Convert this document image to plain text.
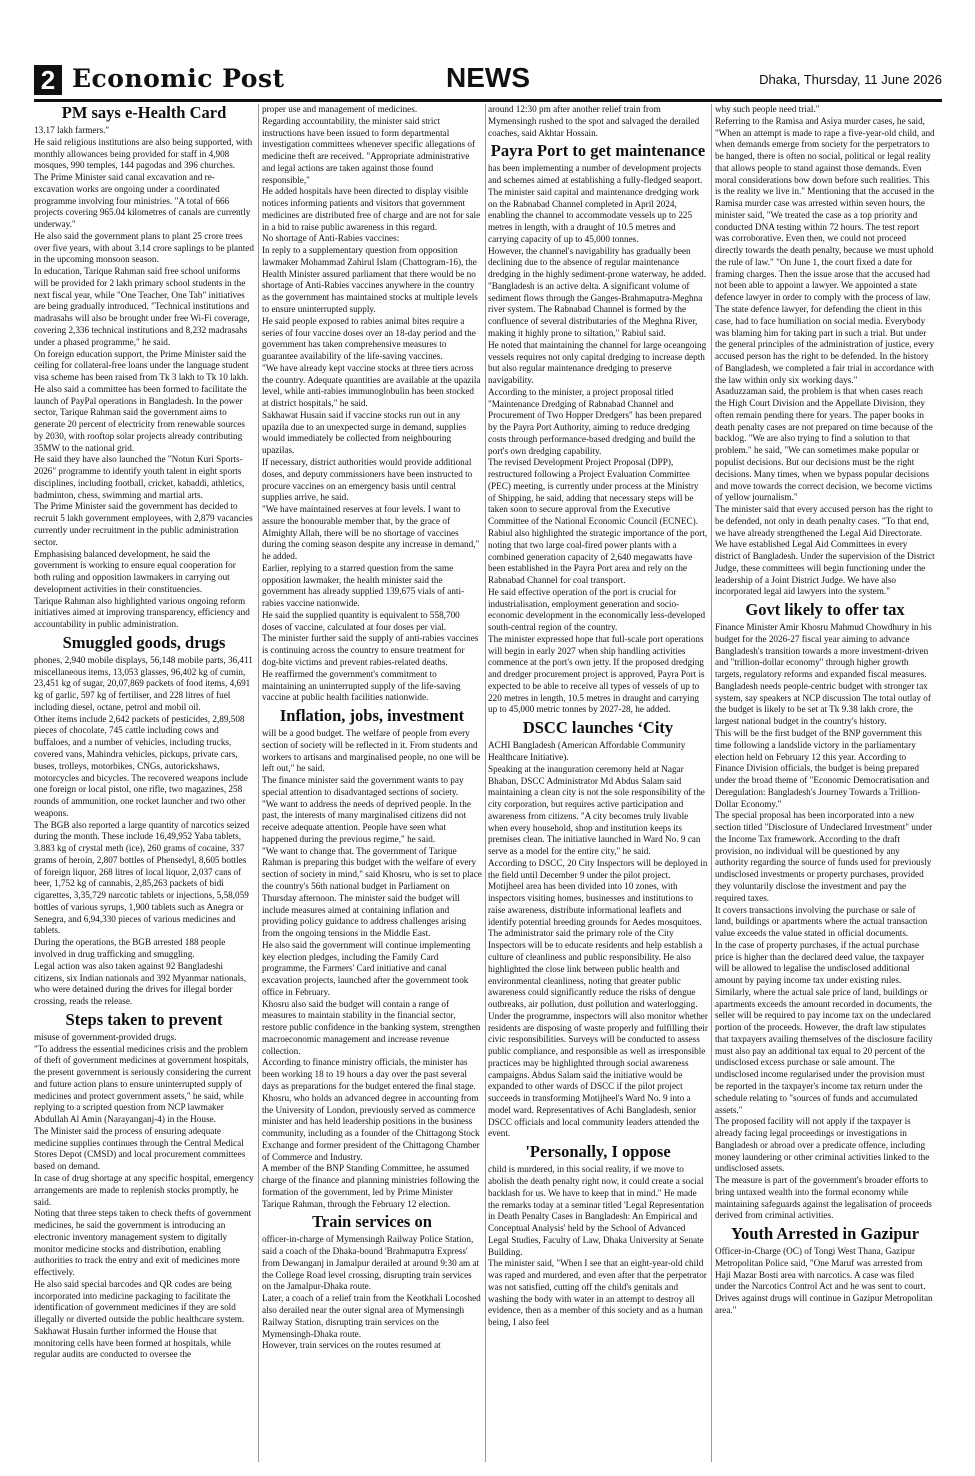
2 Economic Post	NEWS	Dhaka, Thursday, 11 June 2026
PM says e-Health Card

13.17 lakh farmers."

He said religious institutions are also being supported, with monthly allowances being provided for staff in 4,908 mosques, 990 temples, 144 pagodas and 396 churches.

The Prime Minister said canal excavation and re-excavation works are ongoing under a coordinated programme involving four ministries. "A total of 666 projects covering 965.04 kilometres of canals are currently underway."

He also said the government plans to plant 25 crore trees over five years, with about 3.14 crore saplings to be planted in the upcoming monsoon season.

In education, Tarique Rahman said free school uniforms will be provided for 2 lakh primary school students in the next fiscal year, while "One Teacher, One Tab" initiatives are being gradually introduced. "Technical institutions and madrasahs will also be brought under free Wi-Fi coverage, covering 2,336 technical institutions and 8,232 madrasahs under a phased programme," he said.

On foreign education support, the Prime Minister said the ceiling for collateral-free loans under the language student visa scheme has been raised from Tk 3 lakh to Tk 10 lakh.

He also said a committee has been formed to facilitate the launch of PayPal operations in Bangladesh. In the power sector, Tarique Rahman said the government aims to generate 20 percent of electricity from renewable sources by 2030, with rooftop solar projects already contributing 35MW to the national grid.

He said they have also launched the "Notun Kuri Sports-2026" programme to identify youth talent in eight sports disciplines, including football, cricket, kabaddi, athletics, badminton, chess, swimming and martial arts.

The Prime Minister said the government has decided to recruit 5 lakh government employees, with 2,879 vacancies currently under recruitment in the public administration sector.

Emphasising balanced development, he said the government is working to ensure equal cooperation for both ruling and opposition lawmakers in carrying out development activities in their constituencies.

Tarique Rahman also highlighted various ongoing reform initiatives aimed at improving transparency, efficiency and accountability in public administration.

Smuggled goods, drugs

phones, 2,940 mobile displays, 56,148 mobile parts, 36,411 miscellaneous items, 13,053 glasses, 96,402 kg of cumin, 23,451 kg of sugar, 20,07,869 packets of food items, 4,691 kg of garlic, 597 kg of fertiliser, and 228 litres of fuel including diesel, octane, petrol and mobil oil.

Other items include 2,642 packets of pesticides, 2,89,508 pieces of chocolate, 745 cattle including cows and buffaloes, and a number of vehicles, including trucks, covered vans, Mahindra vehicles, pickups, private cars, buses, trolleys, motorbikes, CNGs, autorickshaws, motorcycles and bicycles. The recovered weapons include one foreign or local pistol, one rifle, two magazines, 258 rounds of ammunition, one rocket launcher and two other weapons.

The BGB also reported a large quantity of narcotics seized during the month. These include 16,49,952 Yaba tablets, 3.883 kg of crystal meth (ice), 260 grams of cocaine, 337 grams of heroin, 2,807 bottles of Phensedyl, 8,605 bottles of foreign liquor, 268 litres of local liquor, 2,037 cans of beer, 1,752 kg of cannabis, 2,85,263 packets of bidi cigarettes, 3,35,729 narcotic tablets or injections, 5,58,059 bottles of various syrups, 1,900 tablets such as Anegra or Senegra, and 6,94,330 pieces of various medicines and tablets.

During the operations, the BGB arrested 188 people involved in drug trafficking and smuggling.

Legal action was also taken against 92 Bangladeshi citizens, six Indian nationals and 392 Myanmar nationals, who were detained during the drives for illegal border crossing, reads the release.

Steps taken to prevent

misuse of government-provided drugs.

"To address the essential medicines crisis and the problem of theft of government medicines at government hospitals, the present government is seriously considering the current and future action plans to ensure uninterrupted supply of medicines and protect government assets," he said, while replying to a scripted question from NCP lawmaker Abdullah Al Amin (Narayanganj-4) in the House.

The Minister said the process of ensuring adequate medicine supplies continues through the Central Medical Stores Depot (CMSD) and local procurement committees based on demand.

In case of drug shortage at any specific hospital, emergency arrangements are made to replenish stocks promptly, he said.

Noting that three steps taken to check thefts of government medicines, he said the government is introducing an electronic inventory management system to digitally monitor medicine stocks and distribution, enabling authorities to track the entry and exit of medicines more effectively.

He also said special barcodes and QR codes are being incorporated into medicine packaging to facilitate the identification of government medicines if they are sold illegally or diverted outside the public healthcare system.

Sakhawat Husain further informed the House that monitoring cells have been formed at hospitals, while regular audits are conducted to oversee the

proper use and management of medicines.

Regarding accountability, the minister said strict instructions have been issued to form departmental investigation committees whenever specific allegations of medicine theft are received. "Appropriate administrative and legal actions are taken against those found responsible,"

He added hospitals have been directed to display visible notices informing patients and visitors that government medicines are distributed free of charge and are not for sale in a bid to raise public awareness in this regard.

No shortage of Anti-Rabies vaccines:

In reply to a supplementary question from opposition lawmaker Mohammad Zahirul Islam (Chattogram-16), the Health Minister assured parliament that there would be no shortage of Anti-Rabies vaccines anywhere in the country as the government has maintained stocks at multiple levels to ensure uninterrupted supply.

He said people exposed to rabies animal bites require a series of four vaccine doses over an 18-day period and the government has taken comprehensive measures to guarantee availability of the life-saving vaccines.

"We have already kept vaccine stocks at three tiers across the country. Adequate quantities are available at the upazila level, while anti-rabies immunoglobulin has been stocked at district hospitals," he said.

Sakhawat Husain said if vaccine stocks run out in any upazila due to an unexpected surge in demand, supplies would immediately be collected from neighbouring upazilas.

If necessary, district authorities would provide additional doses, and deputy commissioners have been instructed to procure vaccines on an emergency basis until central supplies arrive, he said.

"We have maintained reserves at four levels. I want to assure the honourable member that, by the grace of Almighty Allah, there will be no shortage of vaccines during the coming season despite any increase in demand," he added.

Earlier, replying to a starred question from the same opposition lawmaker, the health minister said the government has already supplied 139,675 vials of anti-rabies vaccine nationwide.

He said the supplied quantity is equivalent to 558,700 doses of vaccine, calculated at four doses per vial.

The minister further said the supply of anti-rabies vaccines is continuing across the country to ensure treatment for dog-bite victims and prevent rabies-related deaths.

He reaffirmed the government's commitment to maintaining an uninterrupted supply of the life-saving vaccine at public health facilities nationwide.

Inflation, jobs, investment

will be a good budget. The welfare of people from every section of society will be reflected in it. From students and workers to artisans and marginalised people, no one will be left out," he said.

The finance minister said the government wants to pay special attention to disadvantaged sections of society.

"We want to address the needs of deprived people. In the past, the interests of many marginalised citizens did not receive adequate attention. People have seen what happened during the previous regime," he said.

"We want to change that. The government of Tarique Rahman is preparing this budget with the welfare of every section of society in mind," said Khosru, who is set to place the country's 56th national budget in Parliament on Thursday afternoon. The minister said the budget will include measures aimed at containing inflation and providing policy guidance to address challenges arising from the ongoing tensions in the Middle East.

He also said the government will continue implementing key election pledges, including the Family Card programme, the Farmers' Card initiative and canal excavation projects, launched after the government took office in February.

Khosru also said the budget will contain a range of measures to maintain stability in the financial sector, restore public confidence in the banking system, strengthen macroeconomic management and increase revenue collection.

According to finance ministry officials, the minister has been working 18 to 19 hours a day over the past several days as preparations for the budget entered the final stage.

Khosru, who holds an advanced degree in accounting from the University of London, previously served as commerce minister and has held leadership positions in the business community, including as a founder of the Chittagong Stock Exchange and former president of the Chittagong Chamber of Commerce and Industry.

A member of the BNP Standing Committee, he assumed charge of the finance and planning ministries following the formation of the government, led by Prime Minister Tarique Rahman, through the February 12 election.

Train services on

officer-in-charge of Mymensingh Railway Police Station, said a coach of the Dhaka-bound 'Brahmaputra Express' from Dewanganj in Jamalpur derailed at around 9:30 am at the College Road level crossing, disrupting train services on the Jamalpur-Dhaka route.

Later, a coach of a relief train from the Keotkhali Locoshed also derailed near the outer signal area of Mymensingh Railway Station, disrupting train services on the Mymensingh-Dhaka route.

However, train services on the routes resumed at

around 12:30 pm after another relief train from Mymensingh rushed to the spot and salvaged the derailed coaches, said Akhtar Hossain.

Payra Port to get maintenance

has been implementing a number of development projects and schemes aimed at establishing a fully-fledged seaport.

The minister said capital and maintenance dredging work on the Rabnabad Channel completed in April 2024, enabling the channel to accommodate vessels up to 225 metres in length, with a draught of 10.5 metres and carrying capacity of up to 45,000 tonnes.

However, the channel's navigability has gradually been declining due to the absence of regular maintenance dredging in the highly sediment-prone waterway, he added.

"Bangladesh is an active delta. A significant volume of sediment flows through the Ganges-Brahmaputra-Meghna river system. The Rabnabad Channel is formed by the confluence of several distributaries of the Meghna River, making it highly prone to siltation," Rabiul said.

He noted that maintaining the channel for large oceangoing vessels requires not only capital dredging to increase depth but also regular maintenance dredging to preserve navigability.

According to the minister, a project proposal titled "Maintenance Dredging of Rabnabad Channel and Procurement of Two Hopper Dredgers" has been prepared by the Payra Port Authority, aiming to reduce dredging costs through performance-based dredging and build the port's own dredging capability.

The revised Development Project Proposal (DPP), restructured following a Project Evaluation Committee (PEC) meeting, is currently under process at the Ministry of Shipping, he said, adding that necessary steps will be taken soon to secure approval from the Executive Committee of the National Economic Council (ECNEC).

Rabiul also highlighted the strategic importance of the port, noting that two large coal-fired power plants with a combined generation capacity of 2,640 megawatts have been established in the Payra Port area and rely on the Rabnabad Channel for coal transport.

He said effective operation of the port is crucial for industrialisation, employment generation and socio-economic development in the economically less-developed south-central region of the country.

The minister expressed hope that full-scale port operations will begin in early 2027 when ship handling activities commence at the port's own jetty. If the proposed dredging and dredger procurement project is approved, Payra Port is expected to be able to receive all types of vessels of up to 220 metres in length, 10.5 metres in draught and carrying up to 45,000 metric tonnes by 2027-28, he added.

DSCC launches ‘City

ACHI Bangladesh (American Affordable Community Healthcare Initiative).

Speaking at the inauguration ceremony held at Nagar Bhaban, DSCC Administrator Md Abdus Salam said maintaining a clean city is not the sole responsibility of the city corporation, but requires active participation and awareness from citizens. "A city becomes truly livable when every household, shop and institution keeps its premises clean. The initiative launched in Ward No. 9 can serve as a model for the entire city," he said.

According to DSCC, 20 City Inspectors will be deployed in the field until December 9 under the pilot project. Motijheel area has been divided into 10 zones, with inspectors visiting homes, businesses and institutions to raise awareness, distribute informational leaflets and identify potential breeding grounds for Aedes mosquitoes.

The administrator said the primary role of the City Inspectors will be to educate residents and help establish a culture of cleanliness and public responsibility. He also highlighted the close link between public health and environmental cleanliness, noting that greater public awareness could significantly reduce the risks of dengue outbreaks, air pollution, dust pollution and waterlogging.

Under the programme, inspectors will also monitor whether residents are disposing of waste properly and fulfilling their civic responsibilities. Surveys will be conducted to assess public compliance, and responsible as well as irresponsible practices may be highlighted through social awareness campaigns. Abdus Salam said the initiative would be expanded to other wards of DSCC if the pilot project succeeds in transforming Motijheel's Ward No. 9 into a model ward. Representatives of Achi Bangladesh, senior DSCC officials and local community leaders attended the event.

'Personally, I oppose

child is murdered, in this social reality, if we move to abolish the death penalty right now, it could create a social backlash for us. We have to keep that in mind." He made the remarks today at a seminar titled 'Legal Representation in Death Penalty Cases in Bangladesh: An Empirical and Conceptual Analysis' held by the School of Advanced Legal Studies, Faculty of Law, Dhaka University at Senate Building.

The minister said, "When I see that an eight-year-old child was raped and murdered, and even after that the perpetrator was not satisfied, cutting off the child's genitals and washing the body with water in an attempt to destroy all evidence, then as a member of this society and as a human being, I also feel

why such people need trial."

Referring to the Ramisa and Asiya murder cases, he said, "When an attempt is made to rape a five-year-old child, and when demands emerge from society for the perpetrators to be hanged, there is often no social, political or legal reality that allows people to stand against those demands. Even moral considerations bow down before such realities. This is the reality we live in." Mentioning that the accused in the Ramisa murder case was arrested within seven hours, the minister said, "We treated the case as a top priority and conducted DNA testing within 72 hours. The test report was corroborative. Even then, we could not proceed directly towards the death penalty, because we must uphold the rule of law." "On June 1, the court fixed a date for framing charges. Then the issue arose that the accused had not been able to appoint a lawyer. We appointed a state defence lawyer in order to comply with the process of law. The state defence lawyer, for defending the client in this case, had to face humiliation on social media. Everybody was blaming him for taking part in such a trial. But under the general principles of the administration of justice, every accused person has the right to be defended. In the history of Bangladesh, we completed a fair trial in accordance with the law within only six working days."

Asaduzzaman said, the problem is that when cases reach the High Court Division and the Appellate Division, they often remain pending there for years. The paper books in death penalty cases are not prepared on time because of the backlog. "We are also trying to find a solution to that problem." he said, "We can sometimes make popular or populist decisions. But our decisions must be the right decisions. Many times, when we bypass popular decisions and move towards the correct decision, we become victims of yellow journalism."

The minister said that every accused person has the right to be defended, not only in death penalty cases. "To that end, we have already strengthened the Legal Aid Directorate. We have established Legal Aid Committees in every district of Bangladesh. Under the supervision of the District Judge, these committees will begin functioning under the leadership of a Joint District Judge. We have also incorporated legal aid lawyers into the system."

Govt likely to offer tax

Finance Minister Amir Khosru Mahmud Chowdhury in his budget for the 2026-27 fiscal year aiming to advance Bangladesh's transition towards a more investment-driven and "trillion-dollar economy" through higher growth targets, regulatory reforms and expanded fiscal measures. Bangladesh needs people-centric budget with stronger tax system, say speakers at NCP discussion The total outlay of the budget is likely to be set at Tk 9.38 lakh crore, the largest national budget in the country's history.

This will be the first budget of the BNP government this time following a landslide victory in the parliamentary election held on February 12 this year. According to Finance Division officials, the budget is being prepared under the broad theme of "Economic Democratisation and Deregulation: Bangladesh's Journey Towards a Trillion-Dollar Economy."

The special proposal has been incorporated into a new section titled "Disclosure of Undeclared Investment" under the Income Tax framework. According to the draft provision, no individual will be questioned by any authority regarding the source of funds used for previously undisclosed investments or property purchases, provided they voluntarily disclose the investment and pay the required taxes.

It covers transactions involving the purchase or sale of land, buildings or apartments where the actual transaction value exceeds the value stated in official documents.

In the case of property purchases, if the actual purchase price is higher than the declared deed value, the taxpayer will be allowed to legalise the undisclosed additional amount by paying income tax under existing rules.

Similarly, where the actual sale price of land, buildings or apartments exceeds the amount recorded in documents, the seller will be required to pay income tax on the undeclared portion of the proceeds. However, the draft law stipulates that taxpayers availing themselves of the disclosure facility must also pay an additional tax equal to 20 percent of the undisclosed excess purchase or sale amount. The undisclosed income regularised under the provision must be reported in the taxpayer's income tax return under the schedule relating to "sources of funds and accumulated assets."

The proposed facility will not apply if the taxpayer is already facing legal proceedings or investigations in Bangladesh or abroad over a predicate offence, including money laundering or other criminal activities linked to the undisclosed assets.

The measure is part of the government's broader efforts to bring untaxed wealth into the formal economy while maintaining safeguards against the legalisation of proceeds derived from criminal activities.

Youth Arrested in Gazipur

Officer-in-Charge (OC) of Tongi West Thana, Gazipur Metropolitan Police said, "One Maruf was arrested from Haji Mazar Bosti area with narcotics. A case was filed under the Narcotics Control Act and he was sent to court. Drives against drugs will continue in Gazipur Metropolitan area."
